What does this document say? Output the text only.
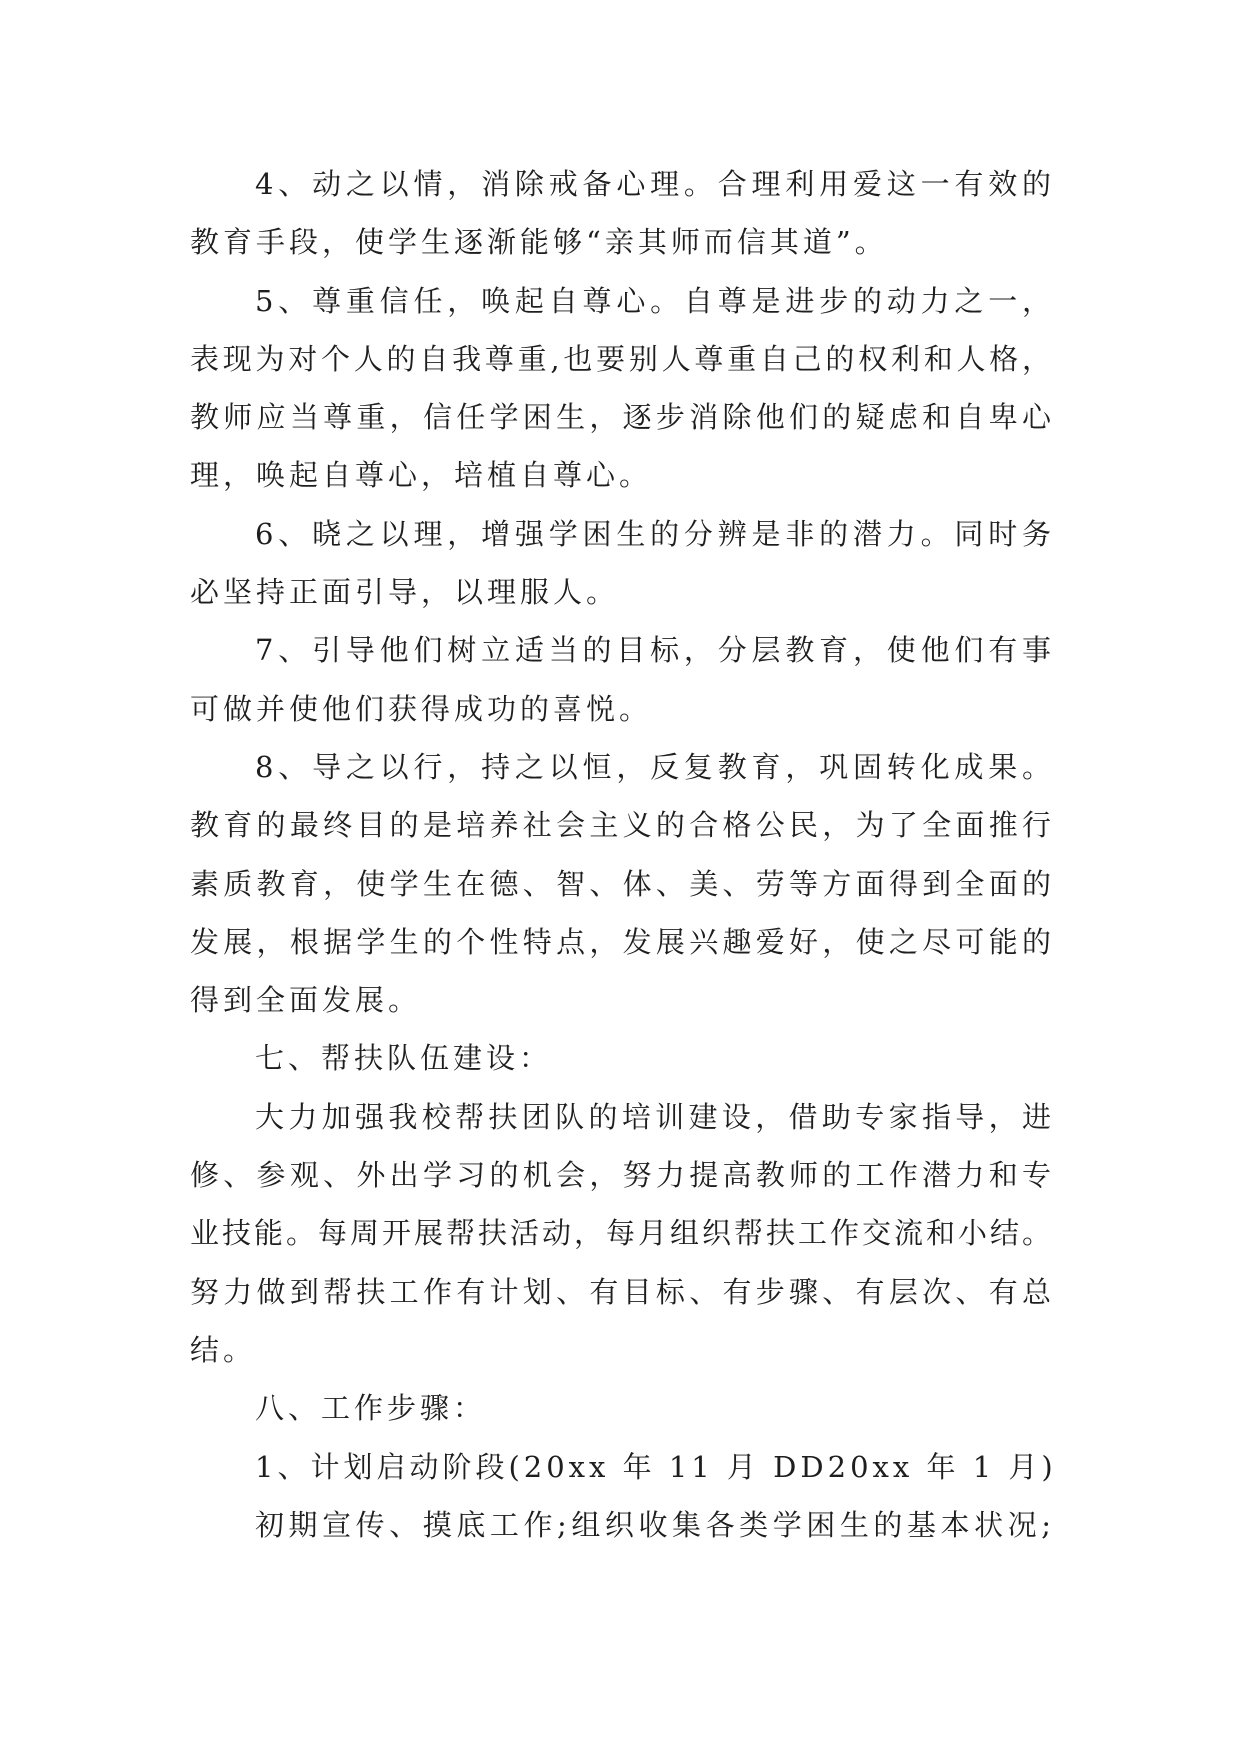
4、动之以情，消除戒备心理。合理利用爱这一有效的
教育手段，使学生逐渐能够“亲其师而信其道”。
5、尊重信任，唤起自尊心。自尊是进步的动力之一，
表现为对个人的自我尊重,也要别人尊重自己的权利和人格，
教师应当尊重，信任学困生，逐步消除他们的疑虑和自卑心
理，唤起自尊心，培植自尊心。
6、晓之以理，增强学困生的分辨是非的潜力。同时务
必坚持正面引导，以理服人。
7、引导他们树立适当的目标，分层教育，使他们有事
可做并使他们获得成功的喜悦。
8、导之以行，持之以恒，反复教育，巩固转化成果。
教育的最终目的是培养社会主义的合格公民，为了全面推行
素质教育，使学生在德、智、体、美、劳等方面得到全面的
发展，根据学生的个性特点，发展兴趣爱好，使之尽可能的
得到全面发展。
七、帮扶队伍建设：
大力加强我校帮扶团队的培训建设，借助专家指导，进
修、参观、外出学习的机会，努力提高教师的工作潜力和专
业技能。每周开展帮扶活动，每月组织帮扶工作交流和小结。
努力做到帮扶工作有计划、有目标、有步骤、有层次、有总
结。
八、工作步骤：
1、计划启动阶段(20xx 年 11 月 DD20xx 年 1 月)
初期宣传、摸底工作;组织收集各类学困生的基本状况;
